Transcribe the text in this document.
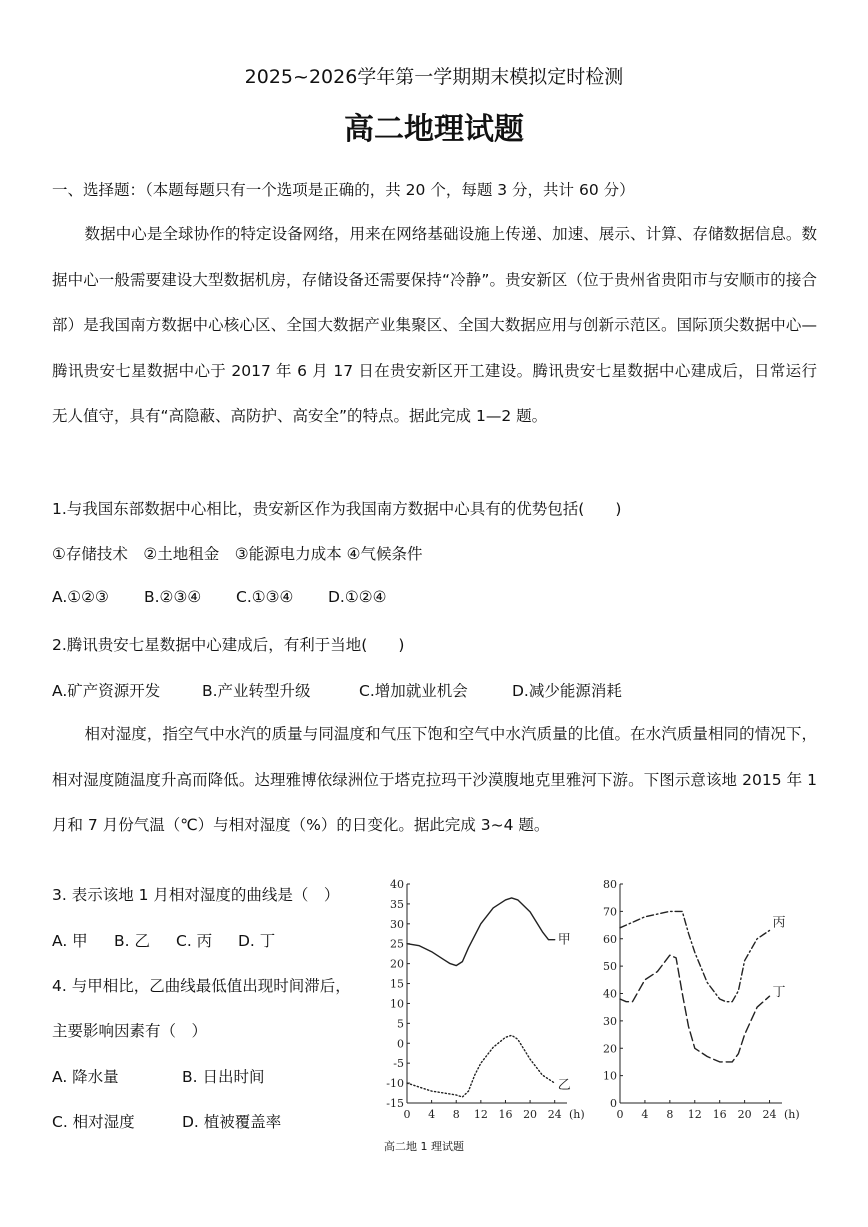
2025~2026学年第一学期期末模拟定时检测
高二地理试题
一、选择题：（本题每题只有一个选项是正确的，共 20 个，每题 3 分，共计 60 分）
数据中心是全球协作的特定设备网络，用来在网络基础设施上传递、加速、展示、计算、存储数据信息。数据中心一般需要建设大型数据机房，存储设备还需要保持“冷静”。贵安新区（位于贵州省贵阳市与安顺市的接合部）是我国南方数据中心核心区、全国大数据产业集聚区、全国大数据应用与创新示范区。国际顶尖数据中心—腾讯贵安七星数据中心于 2017 年 6 月 17 日在贵安新区开工建设。腾讯贵安七星数据中心建成后，日常运行无人值守，具有“高隐蔽、高防护、高安全”的特点。据此完成 1—2 题。
1.与我国东部数据中心相比，贵安新区作为我国南方数据中心具有的优势包括(　　)
①存储技术　②土地租金　③能源电力成本 ④气候条件
A.①②③ B.②③④ C.①③④ D.①②④
2.腾讯贵安七星数据中心建成后，有利于当地(　　)
A.矿产资源开发	B.产业转型升级	C.增加就业机会	D.减少能源消耗
相对湿度，指空气中水汽的质量与同温度和气压下饱和空气中水汽质量的比值。在水汽质量相同的情况下，相对湿度随温度升高而降低。达理雅博依绿洲位于塔克拉玛干沙漠腹地克里雅河下游。下图示意该地 2015 年 1 月和 7 月份气温（℃）与相对湿度（%）的日变化。据此完成 3~4 题。
3. 表示该地 1 月相对湿度的曲线是（　）
A. 甲 B. 乙 C. 丙 D. 丁
4. 与甲相比，乙曲线最低值出现时间滞后，
主要影响因素有（　）
A. 降水量	B. 日出时间
C. 相对湿度	D. 植被覆盖率
40
35
30
25
20
15
10
5
0
-5
-10
-15
0 4 8 12 16 20 24 (h)
甲
乙
80
70
60
50
40
30
20
10
0
0 4 8 12 16 20 24 (h)
丙
丁
高二地 1 理试题
